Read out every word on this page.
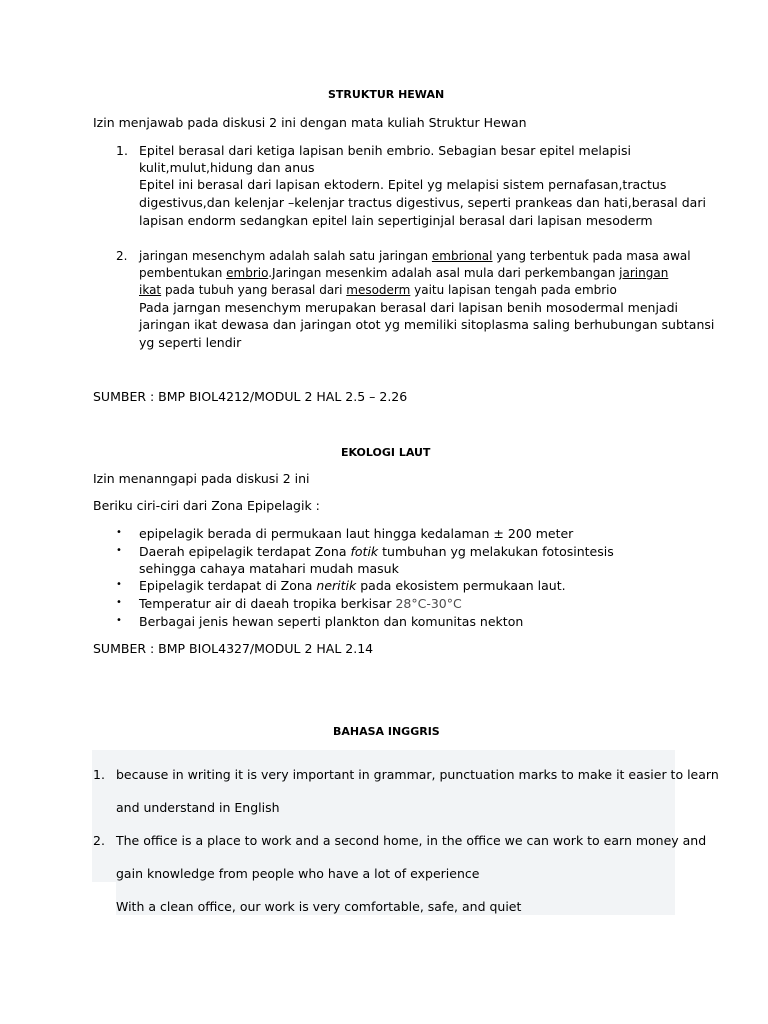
STRUKTUR HEWAN
Izin menjawab pada diskusi 2 ini dengan mata kuliah Struktur Hewan
1. Epitel berasal dari ketiga lapisan benih embrio. Sebagian besar epitel melapisi
kulit,mulut,hidung dan anus
Epitel ini berasal dari lapisan ektodern. Epitel yg melapisi sistem pernafasan,tractus
digestivus,dan kelenjar –kelenjar tractus digestivus, seperti prankeas dan hati,berasal dari
lapisan endorm sedangkan epitel lain sepertiginjal berasal dari lapisan mesoderm
2. jaringan mesenchym adalah salah satu jaringan embrional yang terbentuk pada masa awal
pembentukan embrio.Jaringan mesenkim adalah asal mula dari perkembangan jaringan
ikat pada tubuh yang berasal dari mesoderm yaitu lapisan tengah pada embrio
Pada jarngan mesenchym merupakan berasal dari lapisan benih mosodermal menjadi
jaringan ikat dewasa dan jaringan otot yg memiliki sitoplasma saling berhubungan subtansi
yg seperti lendir
SUMBER : BMP BIOL4212/MODUL 2 HAL 2.5 – 2.26
EKOLOGI LAUT
Izin menanngapi pada diskusi 2 ini
Beriku ciri-ciri dari Zona Epipelagik :
• epipelagik berada di permukaan laut hingga kedalaman ± 200 meter
• Daerah epipelagik terdapat Zona fotik tumbuhan yg melakukan fotosintesis
sehingga cahaya matahari mudah masuk
• Epipelagik terdapat di Zona neritik pada ekosistem permukaan laut.
• Temperatur air di daeah tropika berkisar 28°C-30°C
• Berbagai jenis hewan seperti plankton dan komunitas nekton
SUMBER : BMP BIOL4327/MODUL 2 HAL 2.14
BAHASA INGGRIS
1. because in writing it is very important in grammar, punctuation marks to make it easier to learn
and understand in English
2. The office is a place to work and a second home, in the office we can work to earn money and
gain knowledge from people who have a lot of experience
With a clean office, our work is very comfortable, safe, and quiet
